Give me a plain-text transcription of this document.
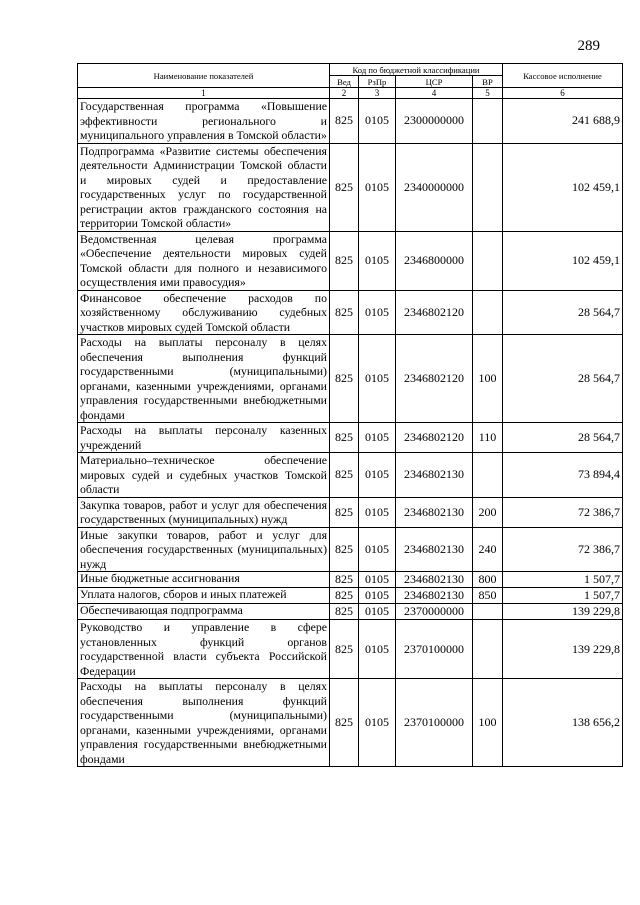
289
Наименование показателей	Код по бюджетной классификации				Кассовое исполнение
	Вед	РзПр	ЦСР	ВР	
1	2	3	4	5	6
Государственная программа «Повышение эффективности регионального и муниципального управления в Томской области»	825	0105	2300000000		241 688,9
Подпрограмма «Развитие системы обеспечения деятельности Администрации Томской области и мировых судей и предоставление государственных услуг по государственной регистрации актов гражданского состояния на территории Томской области»	825	0105	2340000000		102 459,1
Ведомственная целевая программа «Обеспечение деятельности мировых судей Томской области для полного и независимого осуществления ими правосудия»	825	0105	2346800000		102 459,1
Финансовое обеспечение расходов по хозяйственному обслуживанию судебных участков мировых судей Томской области	825	0105	2346802120		28 564,7
Расходы на выплаты персоналу в целях обеспечения выполнения функций государственными (муниципальными) органами, казенными учреждениями, органами управления государственными внебюджетными фондами	825	0105	2346802120	100	28 564,7
Расходы на выплаты персоналу казенных учреждений	825	0105	2346802120	110	28 564,7
Материально–техническое обеспечение мировых судей и судебных участков Томской области	825	0105	2346802130		73 894,4
Закупка товаров, работ и услуг для обеспечения государственных (муниципальных) нужд	825	0105	2346802130	200	72 386,7
Иные закупки товаров, работ и услуг для обеспечения государственных (муниципальных) нужд	825	0105	2346802130	240	72 386,7
Иные бюджетные ассигнования	825	0105	2346802130	800	1 507,7
Уплата налогов, сборов и иных платежей	825	0105	2346802130	850	1 507,7
Обеспечивающая подпрограмма	825	0105	2370000000		139 229,8
Руководство и управление в сфере установленных функций органов государственной власти субъекта Российской Федерации	825	0105	2370100000		139 229,8
Расходы на выплаты персоналу в целях обеспечения выполнения функций государственными (муниципальными) органами, казенными учреждениями, органами управления государственными внебюджетными фондами	825	0105	2370100000	100	138 656,2
